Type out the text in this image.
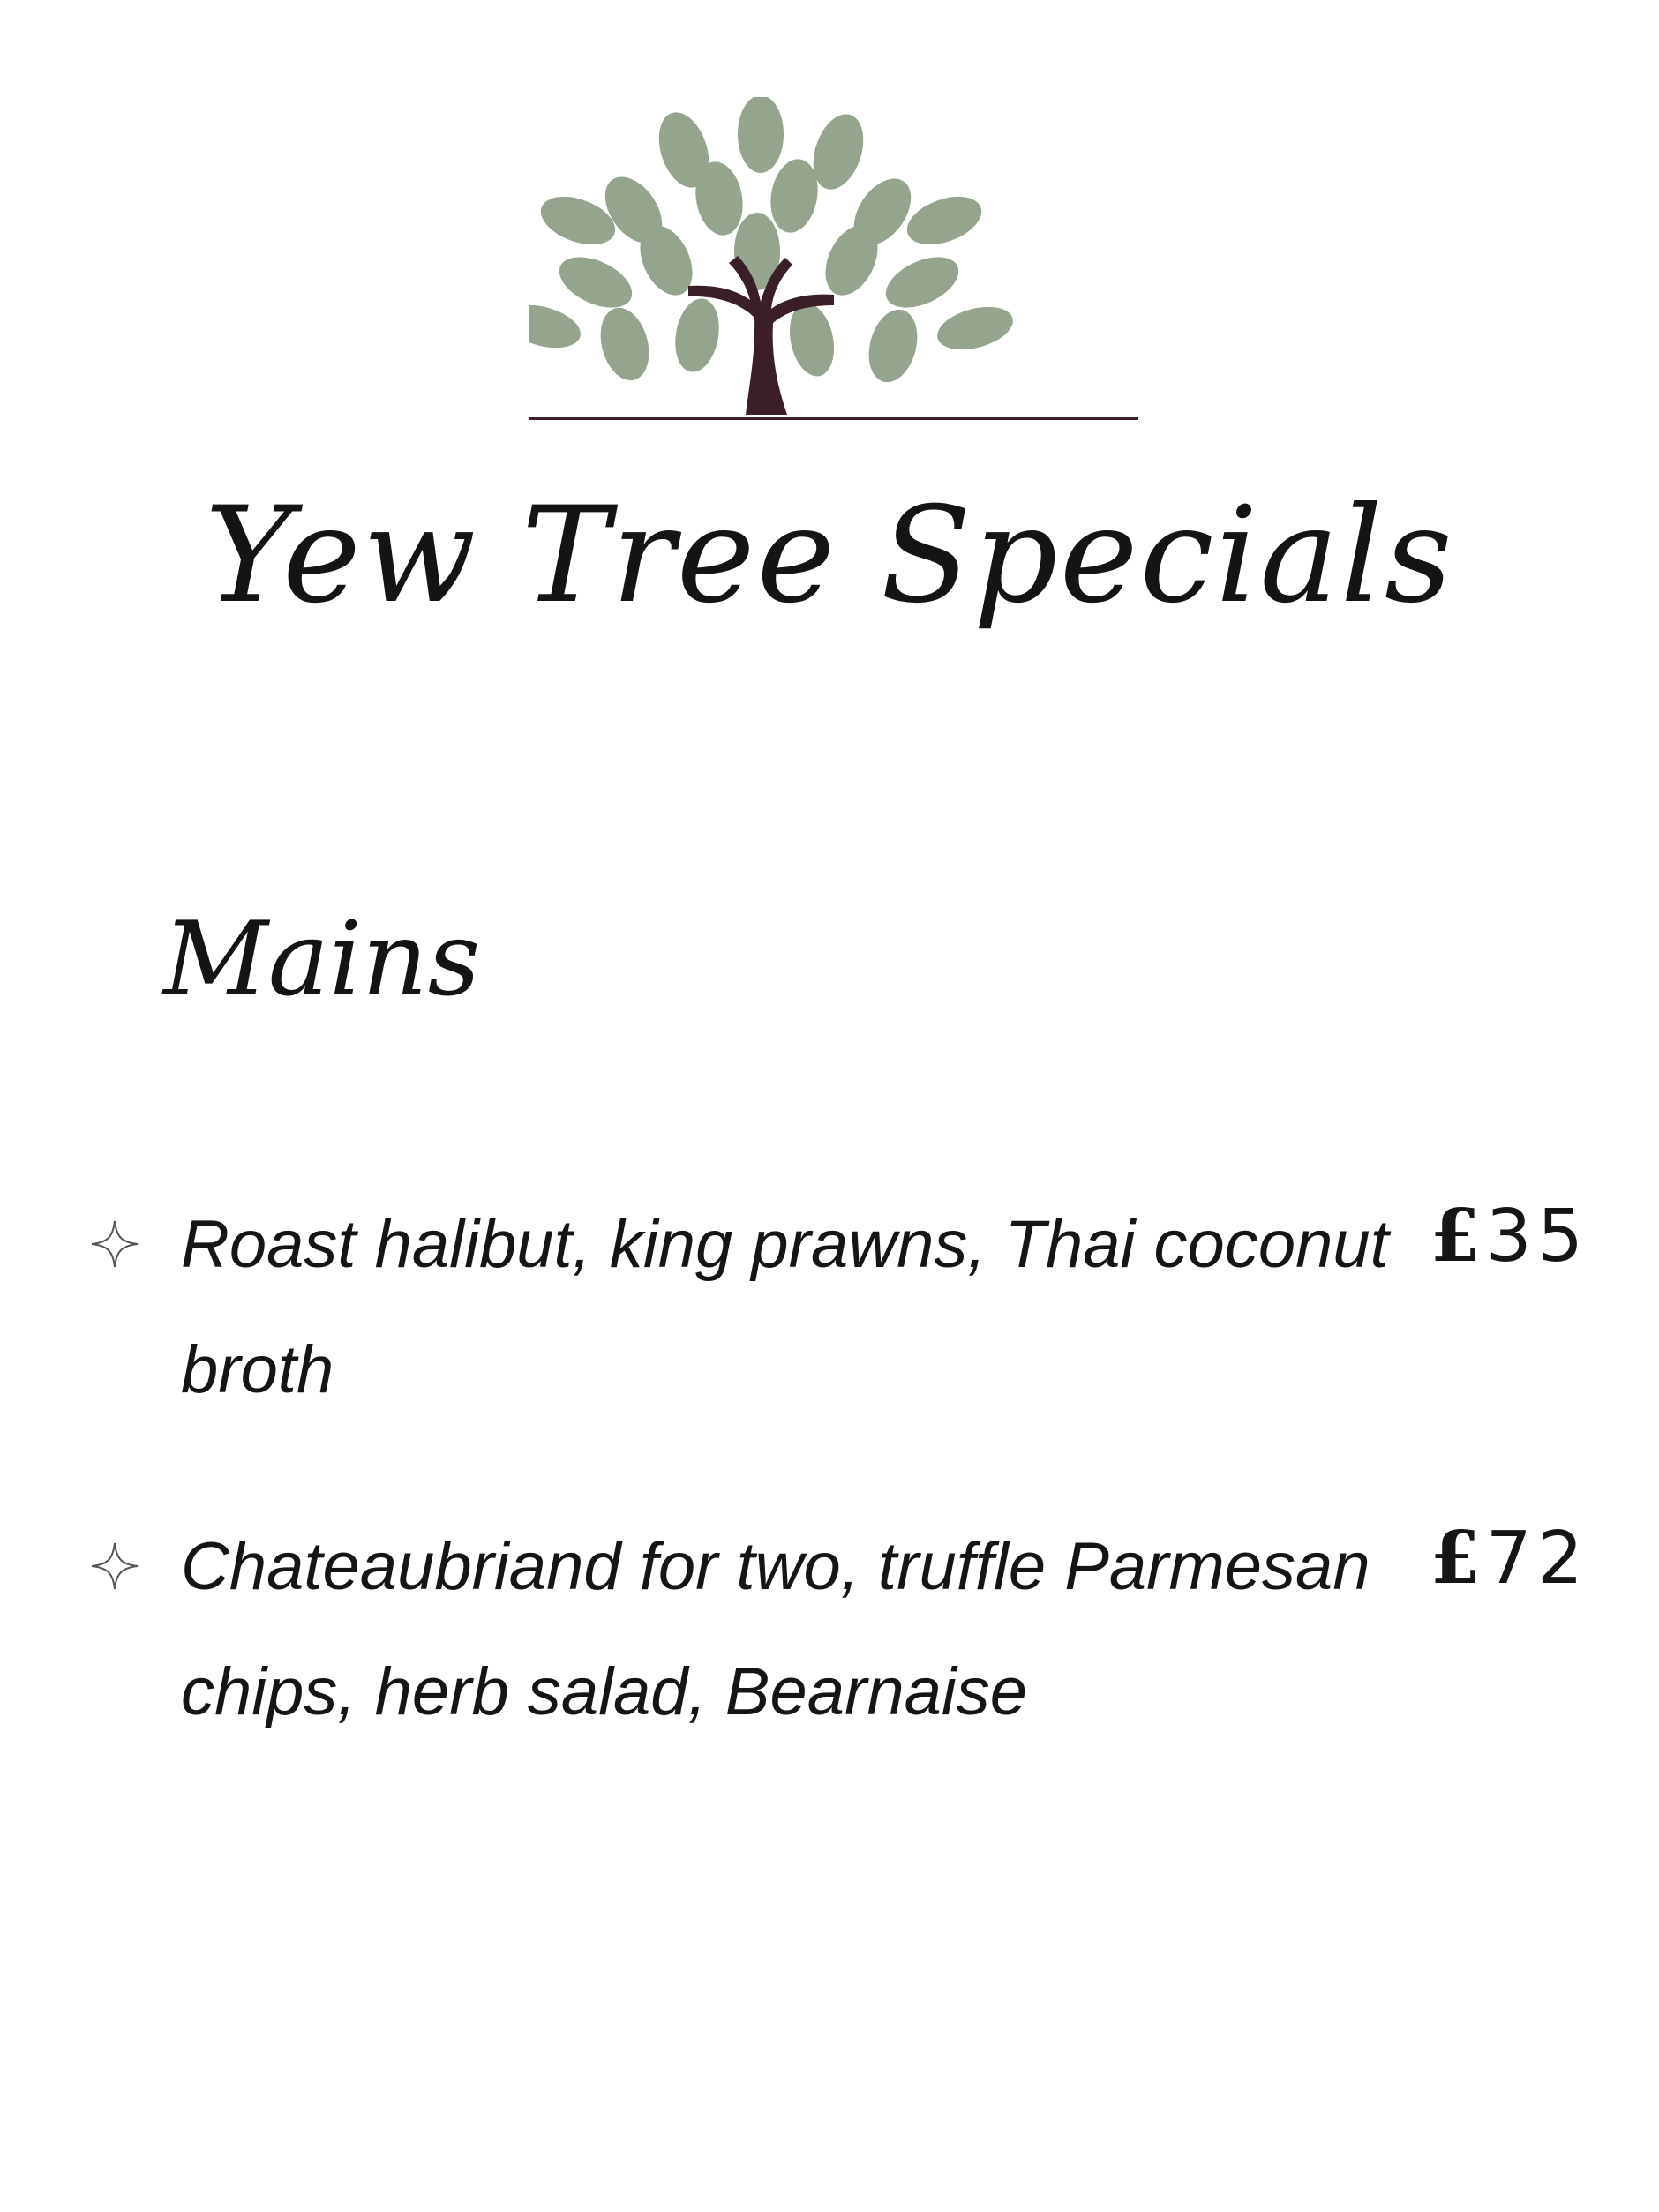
Yew Tree Specials
Mains
Roast halibut, king prawns, Thai coconut broth
£35
Chateaubriand for two, truffle Parmesan chips, herb salad, Bearnaise
£72
